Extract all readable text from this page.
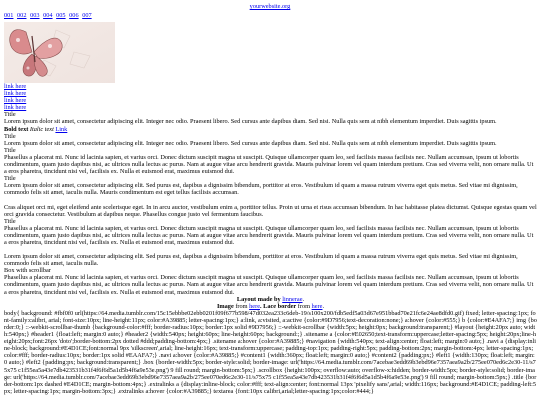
yourwebsite.org
001 002 003 004 005 006 007
link here
link here
link here
link here
Title

Lorem ipsum dolor sit amet, consectetur adipiscing elit. Integer nec odio. Praesent libero. Sed cursus ante dapibus diam. Sed nisi. Nulla quis sem at nibh elementum imperdiet. Duis sagittis ipsum.

Bold text Italic text Link
Title

Lorem ipsum dolor sit amet, consectetur adipiscing elit. Integer nec odio. Praesent libero. Sed cursus ante dapibus diam. Sed nisi. Nulla quis sem at nibh elementum imperdiet. Duis sagittis ipsum.

Title

Phasellus a placerat mi. Nunc id lacinia sapien, et varius orci. Donec dictum suscipit magna ut suscipit. Quisque ullamcorper quam leo, sed facilisis massa facilisis nec. Nullam accumsan, ipsum ut lobortis condimentum, quam justo dapibus nisi, ac ultrices nulla lectus ac purus. Nam at augue vitae arcu hendrerit gravida. Mauris pulvinar lorem vel quam interdum pretium. Cras sed viverra velit, non ornare nulla. Ut a eros pharetra, tincidunt nisi vel, facilisis ex. Nulla et euismod erat, maximus euismod dui.

Title

Lorem ipsum dolor sit amet, consectetur adipiscing elit. Sed purus est, dapibus a dignissim bibendum, porttitor at eros. Vestibulum id quam a massa rutrum viverra eget quis metus. Sed vitae mi dignissim, commodo felis sit amet, iaculis nulla. Mauris condimentum est eget tellus facilisis accumsan.

Cras aliquet orci mi, eget eleifend ante scelerisque eget. In in arcu auctor, vestibulum enim a, porttitor tellus. Proin ut urna et risus accumsan bibendum. In hac habitasse platea dictumst. Quisque egestas quam vel orci gravida consectetur. Vestibulum at dapibus neque. Phasellus congue justo vel fermentum faucibus.

Title

Phasellus a placerat mi. Nunc id lacinia sapien, et varius orci. Donec dictum suscipit magna ut suscipit. Quisque ullamcorper quam leo, sed facilisis massa facilisis nec. Nullam accumsan, ipsum ut lobortis condimentum, quam justo dapibus nisi, ac ultrices nulla lectus ac purus. Nam at augue vitae arcu hendrerit gravida. Mauris pulvinar lorem vel quam interdum pretium. Cras sed viverra velit, non ornare nulla. Ut a eros pharetra, tincidunt nisi vel, facilisis ex. Nulla et euismod erat, maximus euismod dui.

Lorem ipsum dolor sit amet, consectetur adipiscing elit. Sed purus est, dapibus a dignissim bibendum, porttitor at eros. Vestibulum id quam a massa rutrum viverra eget quis metus. Sed vitae mi dignissim, commodo felis sit amet, iaculis nulla.

Box with scrollbar

Phasellus a placerat mi. Nunc id lacinia sapien, et varius orci. Donec dictum suscipit magna ut suscipit. Quisque ullamcorper quam leo, sed facilisis massa facilisis nec. Nullam accumsan, ipsum ut lobortis condimentum, quam justo dapibus nisi, ac ultrices nulla lectus ac purus. Nam at augue vitae arcu hendrerit gravida. Mauris pulvinar lorem vel quam interdum pretium. Cras sed viverra velit, non ornare nulla. Ut a eros pharetra, tincidunt nisi vel, facilisis ex. Nulla et euismod erat, maximus euismod dui.

Layout made by linnerae.
Image from here. Lace border from here.
body{ background: #fbf0f0 url(https://64.media.tumblr.com/15c15ebbbe02ebb0201f09f677b598/47d032ea233c6deb-19/s100x200/fdb5edf5a03d67e951bbad70e21fc6e24ae8dfd0.gif) fixed; letter-spacing:1px; font-family:calibri, arial; font-size:10px; line-height:11px; color:#A39885; letter-spacing:1px;} a:link, a:visited, a:active {color:#9D7956;text-decoration:none;} a:hover {color:#555;} b {color:#E4AFA7;} img {border:0;} ::-webkit-scrollbar-thumb {background-color:#fff; border-radius:10px; border:1px solid #9D7956;} ::-webkit-scrollbar {width:5px; height:0px; background:transparent;} #layout {height:20px auto; width:540px;} #header1 {float:left; margin:0 auto;} #header2 {width:540px; height:60px; line-height:60px; background:;} .sitename a {color:#E02650;text-transform:uppercase;letter-spacing:5px; height:20px;line-height:20px;font:26px 'doto';border-bottom:2px dotted #ddd;padding-bottom:4px;} .sitename a:hover {color:#A39885;} #navigation {width:540px; text-align:center; float:left; margin:0 auto;} .navi a {display:inline-block; background:#E4D1CE;font:normal 9px 'silkscreen',arial; line-height:16px; text-transform:uppercase; padding-top:1px; padding-right:5px; padding-bottom:2px; margin-bottom:4px; letter-spacing:1px; color:#fff; border-radius:10px; border:1px solid #EAAFA7;} .navi a:hover {color:#A39885;} #content1 {width:360px; float:left; margin:0 auto;} #content2 {padding:px;} #left1 {width:130px; float:left; margin:0 auto;} #left2 {padding:px; background:transparent;} .box {border-width:5px; border-style:solid; border-image: url('https://64.media.tumblr.com/7acebae3edd69b3ebd96e7357aea9a2b/275ee070ed6c2e30-11/s75x75 c1f55ea5a43e7db423531b31f4f6f6d5a1d5b4f6a9e53e.png') 9 fill round; margin-bottom:5px;} .scrollbox {height:100px; overflow:auto; overflow-x:hidden; border-width:5px; border-style:solid; border-image: url('https://64.media.tumblr.com/7acebae3edd69b3ebd96e7357aea9a2b/275ee070ed6c2e30-11/s75x75 c1f55ea5a43e7db423531b31f4f6f6d5a1d5b4f6a9e53e.png') 9 fill round; margin-bottom:5px;} .title {border-bottom:1px dashed #E4D1CE; margin-bottom:4px;} .extralinks a {display:inline-block; color:#fff; text-align:center; font:normal 13px 'pixelify sans',arial; width:116px; background:#E4D1CE; padding-left:5px; letter-spacing:1px; margin-bottom:3px;} .extralinks a:hover {color:#A39885;} textarea {font:10px calibri,arial;letter-spacing:1px;color:#444;}
